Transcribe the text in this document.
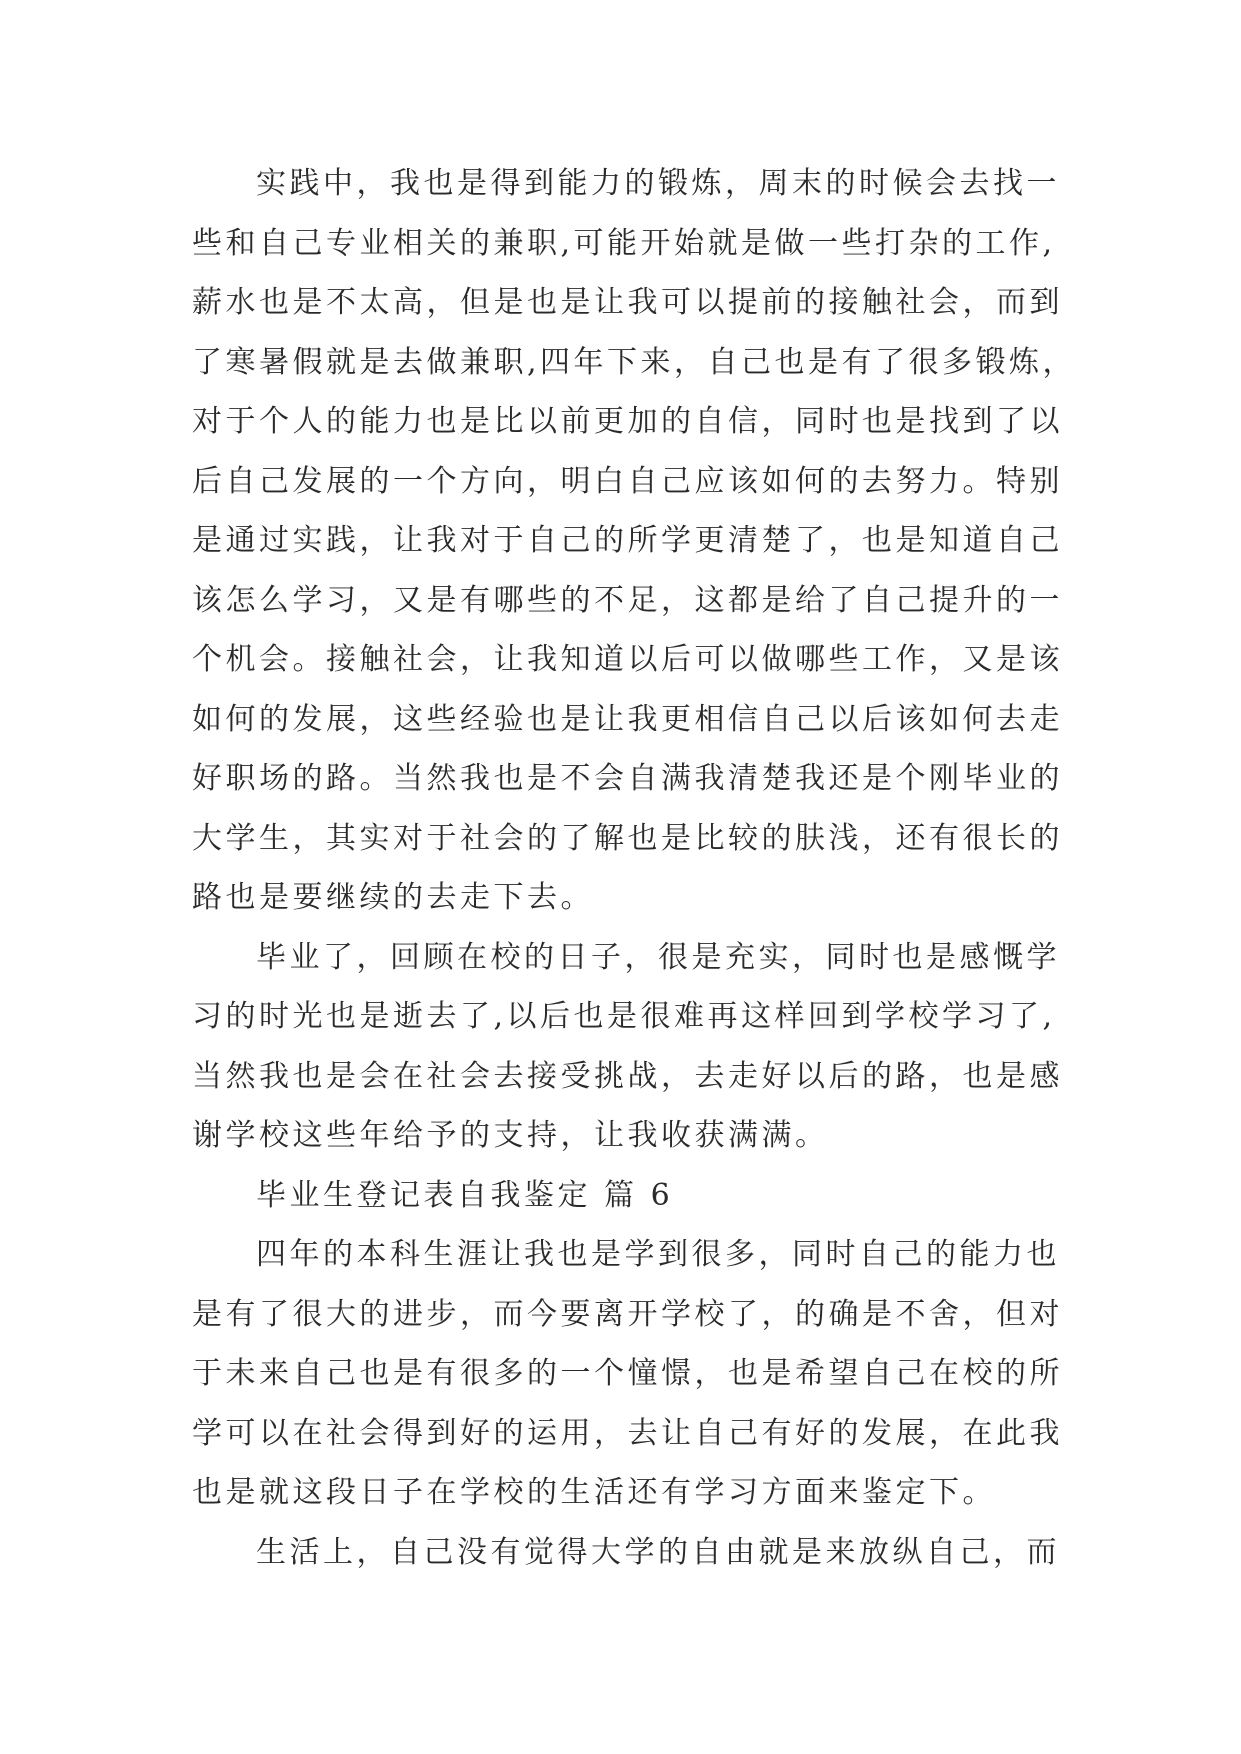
实践中，我也是得到能力的锻炼，周末的时候会去找一
些和自己专业相关的兼职,可能开始就是做一些打杂的工作,
薪水也是不太高，但是也是让我可以提前的接触社会，而到
了寒暑假就是去做兼职,四年下来，自己也是有了很多锻炼，
对于个人的能力也是比以前更加的自信，同时也是找到了以
后自己发展的一个方向，明白自己应该如何的去努力。特别
是通过实践，让我对于自己的所学更清楚了，也是知道自己
该怎么学习，又是有哪些的不足，这都是给了自己提升的一
个机会。接触社会，让我知道以后可以做哪些工作，又是该
如何的发展，这些经验也是让我更相信自己以后该如何去走
好职场的路。当然我也是不会自满我清楚我还是个刚毕业的
大学生，其实对于社会的了解也是比较的肤浅，还有很长的
路也是要继续的去走下去。
毕业了，回顾在校的日子，很是充实，同时也是感慨学
习的时光也是逝去了,以后也是很难再这样回到学校学习了,
当然我也是会在社会去接受挑战，去走好以后的路，也是感
谢学校这些年给予的支持，让我收获满满。
毕业生登记表自我鉴定 篇 6
四年的本科生涯让我也是学到很多，同时自己的能力也
是有了很大的进步，而今要离开学校了，的确是不舍，但对
于未来自己也是有很多的一个憧憬，也是希望自己在校的所
学可以在社会得到好的运用，去让自己有好的发展，在此我
也是就这段日子在学校的生活还有学习方面来鉴定下。
生活上，自己没有觉得大学的自由就是来放纵自己，而
